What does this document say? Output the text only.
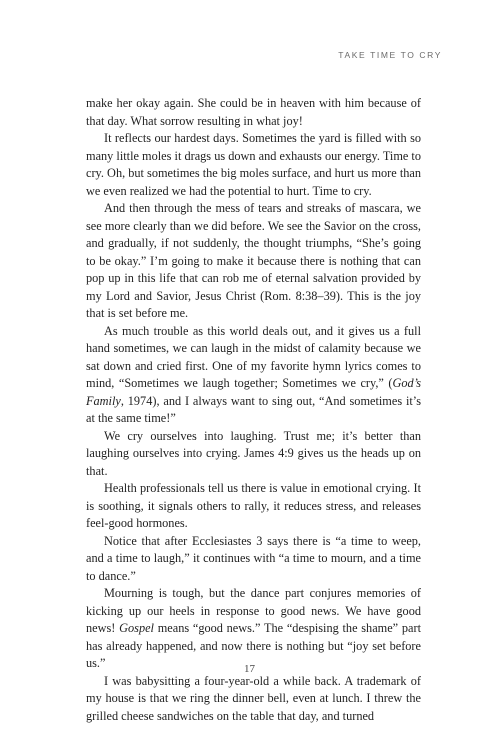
TAKE TIME TO CRY

make her okay again. She could be in heaven with him because of that day. What sorrow resulting in what joy!

It reflects our hardest days. Sometimes the yard is filled with so many little moles it drags us down and exhausts our energy. Time to cry. Oh, but sometimes the big moles surface, and hurt us more than we even realized we had the potential to hurt. Time to cry.

And then through the mess of tears and streaks of mascara, we see more clearly than we did before. We see the Savior on the cross, and gradually, if not suddenly, the thought triumphs, “She’s going to be okay.” I’m going to make it because there is nothing that can pop up in this life that can rob me of eternal salvation provided by my Lord and Savior, Jesus Christ (Rom. 8:38–39). This is the joy that is set before me.

As much trouble as this world deals out, and it gives us a full hand sometimes, we can laugh in the midst of calamity because we sat down and cried first. One of my favorite hymn lyrics comes to mind, “Sometimes we laugh together; Sometimes we cry,” (God’s Family, 1974), and I always want to sing out, “And sometimes it’s at the same time!”

We cry ourselves into laughing. Trust me; it’s better than laughing ourselves into crying. James 4:9 gives us the heads up on that.

Health professionals tell us there is value in emotional crying. It is soothing, it signals others to rally, it reduces stress, and releases feel-good hormones.

Notice that after Ecclesiastes 3 says there is “a time to weep, and a time to laugh,” it continues with “a time to mourn, and a time to dance.”

Mourning is tough, but the dance part conjures memories of kicking up our heels in response to good news. We have good news! Gospel means “good news.” The “despising the shame” part has already happened, and now there is nothing but “joy set before us.”

I was babysitting a four-year-old a while back. A trademark of my house is that we ring the dinner bell, even at lunch. I threw the grilled cheese sandwiches on the table that day, and turned

17
